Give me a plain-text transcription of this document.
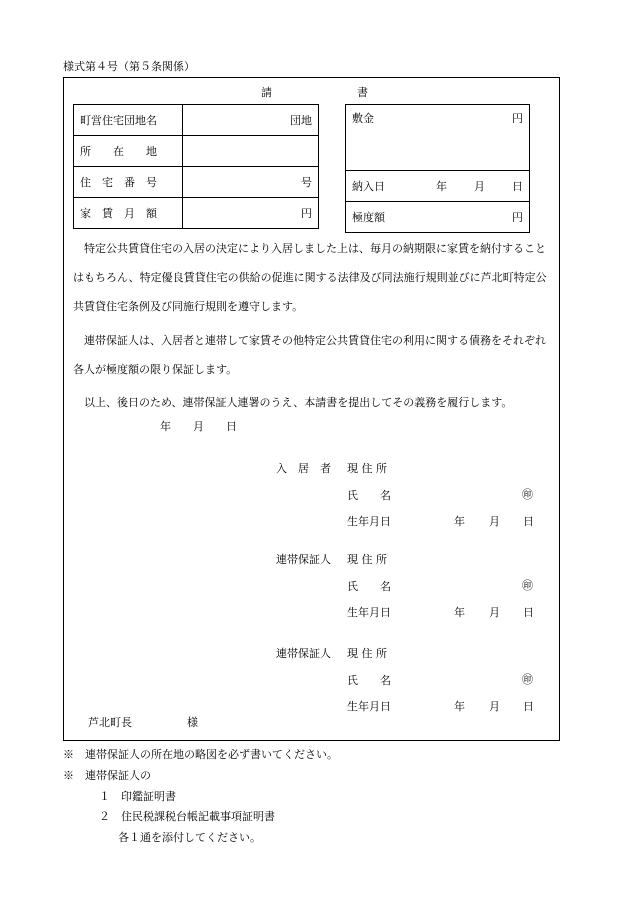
様式第４号（第５条関係）
請　　　　　　　書
町営住宅団地名	団地
所　　在　　地	
住　宅　番　号	号
家　賃　月　額	円
敷金	円

納入日	年	月	日

極度額	円
特定公共賃貸住宅の入居の決定により入居しました上は、毎月の納期限に家賃を納付することはもちろん、特定優良賃貸住宅の供給の促進に関する法律及び同法施行規則並びに芦北町特定公共賃貸住宅条例及び同施行規則を遵守します。
連帯保証人は、入居者と連帯して家賃その他特定公共賃貸住宅の利用に関する債務をそれぞれ各人が極度額の限り保証します。
以上、後日のため、連帯保証人連署のうえ、本請書を提出してその義務を履行します。
年　　月　　日
入　居　者 現 住 所
氏　　名	㊞
生年月日	年 月 日
連帯保証人 現 住 所
氏　　名	㊞
生年月日	年 月 日
連帯保証人 現 住 所
氏　　名	㊞
生年月日	年 月 日
芦北町長　　　　　様
※　連帯保証人の所在地の略図を必ず書いてください。
※　連帯保証人の
１　印鑑証明書
２　住民税課税台帳記載事項証明書
各１通を添付してください。
